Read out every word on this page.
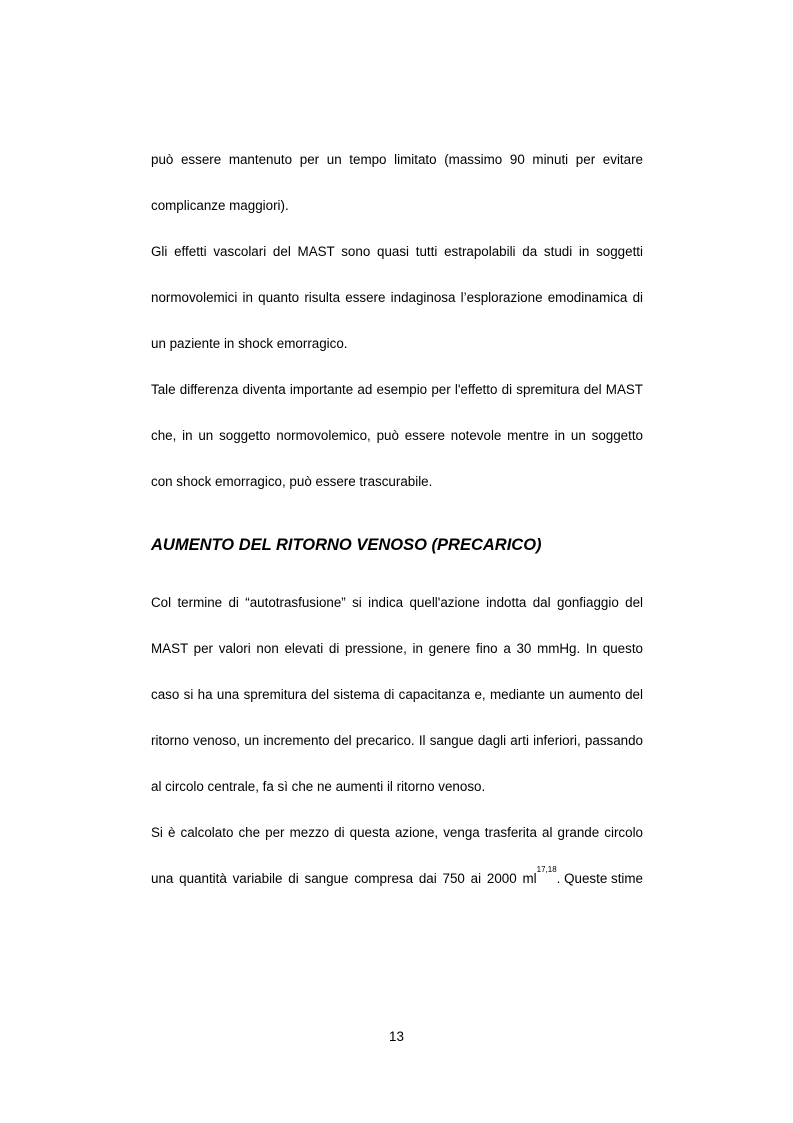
può essere mantenuto per un tempo limitato (massimo 90 minuti per evitare
complicanze maggiori).
Gli effetti vascolari del MAST sono quasi tutti estrapolabili da studi in soggetti
normovolemici in quanto risulta essere indaginosa l’esplorazione emodinamica di
un paziente in shock emorragico.
Tale differenza diventa importante ad esempio per l'effetto di spremitura del MAST
che, in un soggetto normovolemico, può essere notevole mentre in un soggetto
con shock emorragico, può essere trascurabile.
AUMENTO DEL RITORNO VENOSO (PRECARICO)
Col termine di “autotrasfusione” si indica quell'azione indotta dal gonfiaggio del
MAST per valori non elevati di pressione, in genere fino a 30 mmHg. In questo
caso si ha una spremitura del sistema di capacitanza e, mediante un aumento del
ritorno venoso, un incremento del precarico. Il sangue dagli arti inferiori, passando
al circolo centrale, fa sì che ne aumenti il ritorno venoso.
Si è calcolato che per mezzo di questa azione, venga trasferita al grande circolo
una quantità variabile di sangue compresa dai 750 ai 2000 ml
17,18
. Queste stime
13
